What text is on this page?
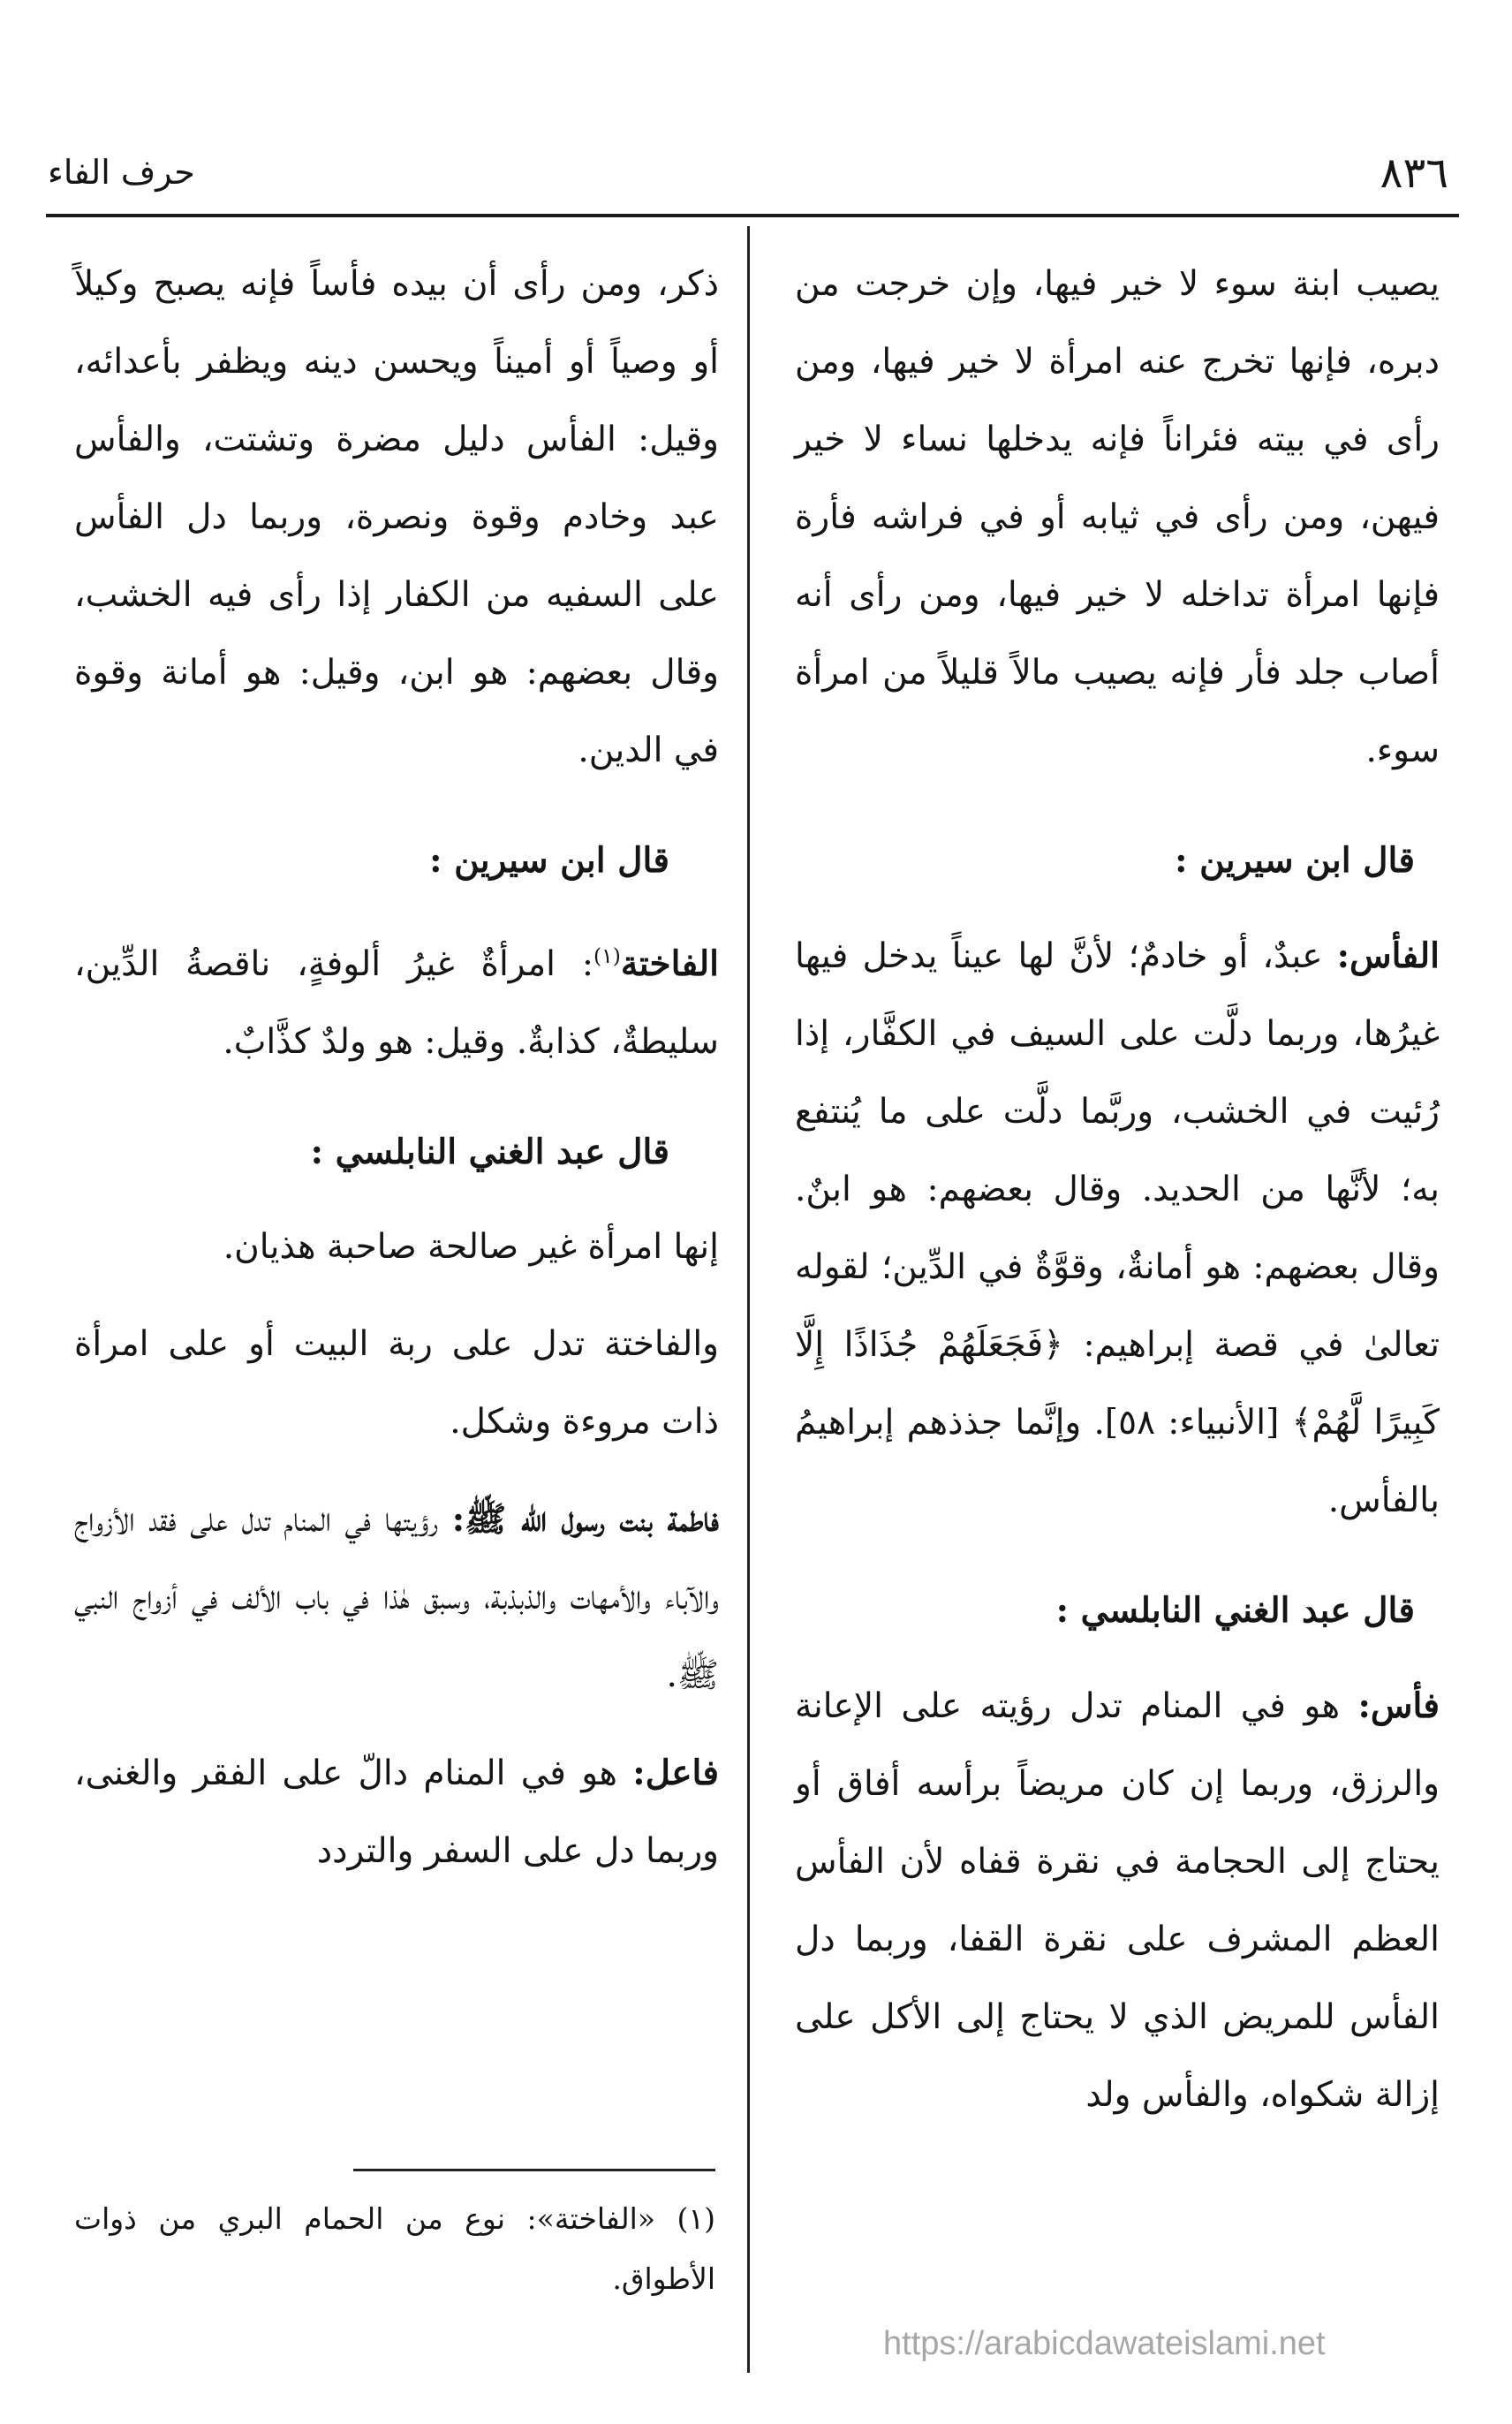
٨٣٦
حرف الفاء

يصيب ابنة سوء لا خير فيها، وإن خرجت من دبره، فإنها تخرج عنه امرأة لا خير فيها، ومن رأى في بيته فئراناً فإنه يدخلها نساء لا خير فيهن، ومن رأى في ثيابه أو في فراشه فأرة فإنها امرأة تداخله لا خير فيها، ومن رأى أنه أصاب جلد فأر فإنه يصيب مالاً قليلاً من امرأة سوء.

قال ابن سيرين :

الفأس: عبدٌ، أو خادمٌ؛ لأنَّ لها عيناً يدخل فيها غيرُها، وربما دلَّت على السيف في الكفَّار، إذا رُئيت في الخشب، وربَّما دلَّت على ما يُنتفع به؛ لأنَّها من الحديد. وقال بعضهم: هو ابنٌ. وقال بعضهم: هو أمانةٌ، وقوَّةٌ في الدِّين؛ لقوله تعالىٰ في قصة إبراهيم: ﴿فَجَعَلَهُمْ جُذَاذًا إِلَّا كَبِيرًا لَّهُمْ﴾ [الأنبياء: ٥٨]. وإنَّما جذذهم إبراهيمُ بالفأس.

قال عبد الغني النابلسي :

فأس: هو في المنام تدل رؤيته على الإعانة والرزق، وربما إن كان مريضاً برأسه أفاق أو يحتاج إلى الحجامة في نقرة قفاه لأن الفأس العظم المشرف على نقرة القفا، وربما دل الفأس للمريض الذي لا يحتاج إلى الأكل على إزالة شكواه، والفأس ولد

ذكر، ومن رأى أن بيده فأساً فإنه يصبح وكيلاً أو وصياً أو أميناً ويحسن دينه ويظفر بأعدائه، وقيل: الفأس دليل مضرة وتشتت، والفأس عبد وخادم وقوة ونصرة، وربما دل الفأس على السفيه من الكفار إذا رأى فيه الخشب، وقال بعضهم: هو ابن، وقيل: هو أمانة وقوة في الدين.

قال ابن سيرين :

الفاختة$^{(١)}$: امرأةٌ غيرُ ألوفةٍ، ناقصةُ الدِّين، سليطةٌ، كذابةٌ. وقيل: هو ولدٌ كذَّابٌ.

قال عبد الغني النابلسي :

إنها امرأة غير صالحة صاحبة هذيان.

والفاختة تدل على ربة البيت أو على امرأة ذات مروءة وشكل.

فاطمة بنت رسول الله ﷺ: رؤيتها في المنام تدل على فقد الأزواج والآباء والأمهات والذبذبة، وسبق هٰذا في باب الألف في أزواج النبي ﷺ.

فاعل: هو في المنام دالّ على الفقر والغنى، وربما دل على السفر والتردد

(١) «الفاختة»: نوع من الحمام البري من ذوات الأطواق.

https://arabicdawateislami.net
